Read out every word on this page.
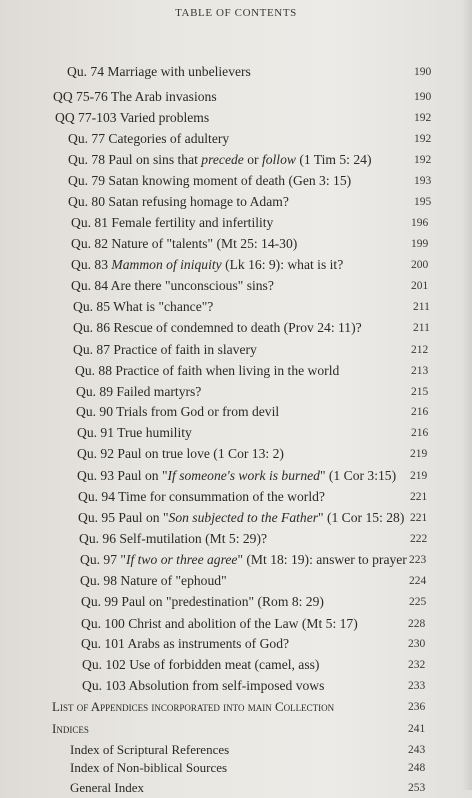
TABLE OF CONTENTS
Qu. 74 Marriage with unbelievers	190
QQ 75-76 The Arab invasions	190
QQ 77-103 Varied problems	192
Qu. 77 Categories of adultery	192
Qu. 78 Paul on sins that precede or follow (1 Tim 5: 24)	192
Qu. 79 Satan knowing moment of death (Gen 3: 15)	193
Qu. 80 Satan refusing homage to Adam?	195
Qu. 81 Female fertility and infertility	196
Qu. 82 Nature of "talents" (Mt 25: 14-30)	199
Qu. 83 Mammon of iniquity (Lk 16: 9): what is it?	200
Qu. 84 Are there "unconscious" sins?	201
Qu. 85 What is "chance"?	211
Qu. 86 Rescue of condemned to death (Prov 24: 11)?	211
Qu. 87 Practice of faith in slavery	212
Qu. 88 Practice of faith when living in the world	213
Qu. 89 Failed martyrs?	215
Qu. 90 Trials from God or from devil	216
Qu. 91 True humility	216
Qu. 92 Paul on true love (1 Cor 13: 2)	219
Qu. 93 Paul on "If someone's work is burned" (1 Cor 3:15) 219
Qu. 94 Time for consummation of the world?	221
Qu. 95 Paul on "Son subjected to the Father" (1 Cor 15: 28) 221
Qu. 96 Self-mutilation (Mt 5: 29)?	222
Qu. 97 "If two or three agree" (Mt 18: 19): answer to prayer 223
Qu. 98 Nature of "ephoud"	224
Qu. 99 Paul on "predestination" (Rom 8: 29)	225
Qu. 100 Christ and abolition of the Law (Mt 5: 17)	228
Qu. 101 Arabs as instruments of God?	230
Qu. 102 Use of forbidden meat (camel, ass)	232
Qu. 103 Absolution from self-imposed vows	233
List of Appendices incorporated into main Collection	236
Indices	241
Index of Scriptural References	243
Index of Non-biblical Sources	248
General Index	253
